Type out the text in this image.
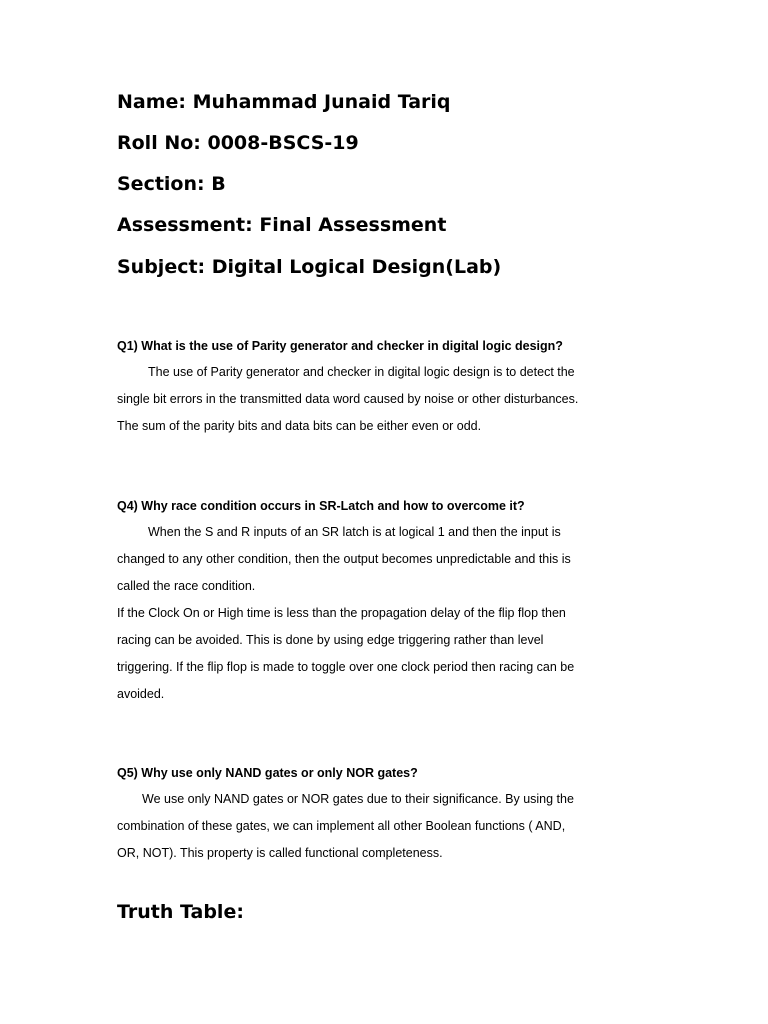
Name: Muhammad Junaid Tariq

Roll No: 0008-BSCS-19

Section: B

Assessment: Final Assessment

Subject: Digital Logical Design(Lab)

Q1) What is the use of Parity generator and checker in digital logic design?

The use of Parity generator and checker in digital logic design is to detect the
single bit errors in the transmitted data word caused by noise or other disturbances.
The sum of the parity bits and data bits can be either even or odd.

Q4) Why race condition occurs in SR-Latch and how to overcome it?

When the S and R inputs of an SR latch is at logical 1 and then the input is
changed to any other condition, then the output becomes unpredictable and this is
called the race condition.
If the Clock On or High time is less than the propagation delay of the flip flop then
racing can be avoided. This is done by using edge triggering rather than level
triggering. If the flip flop is made to toggle over one clock period then racing can be
avoided.

Q5) Why use only NAND gates or only NOR gates?

We use only NAND gates or NOR gates due to their significance. By using the
combination of these gates, we can implement all other Boolean functions ( AND,
OR, NOT). This property is called functional completeness.

Truth Table:
